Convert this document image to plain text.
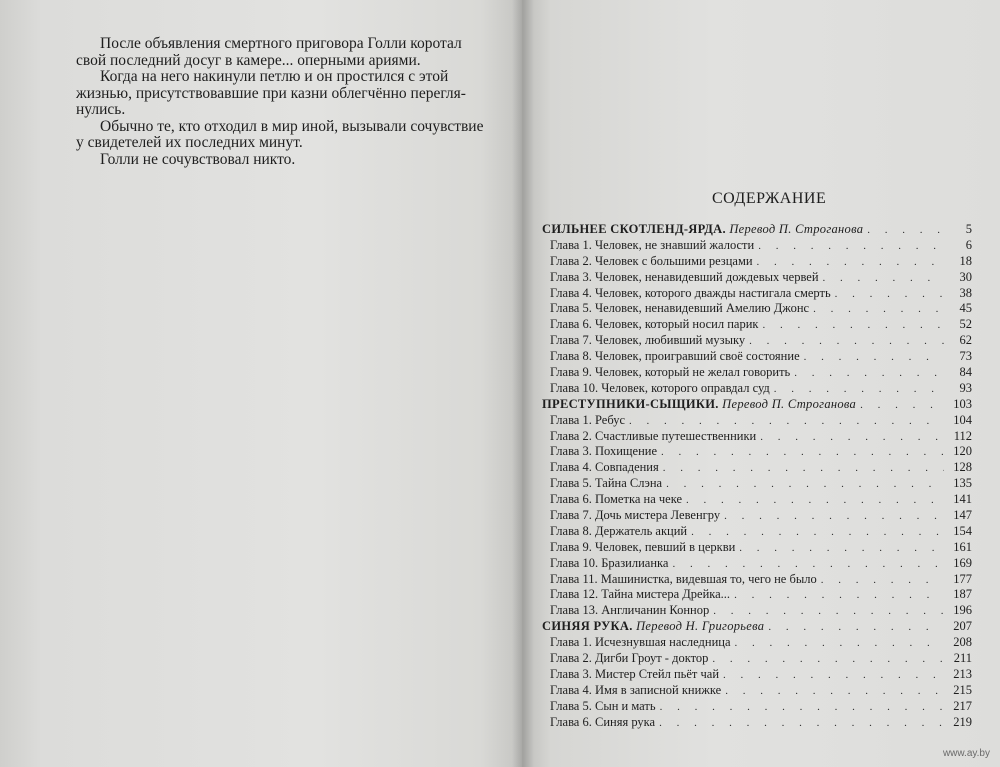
После объявления смертного приговора Голли коротал свой последний досуг в камере... оперными ариями.

Когда на него накинули петлю и он простился с этой жизнью, присутствовавшие при казни облегчённо перегля-нулись.

Обычно те, кто отходил в мир иной, вызывали сочувствие у свидетелей их последних минут.

Голли не сочувствовал никто.

СОДЕРЖАНИЕ
СИЛЬНЕЕ СКОТЛЕНД-ЯРДА. Перевод П. Строганова . . .	5
Глава 1. Человек, не знавший жалости . . .	6
Глава 2. Человек с большими резцами . . .	18
Глава 3. Человек, ненавидевший дождевых червей . . .	30
Глава 4. Человек, которого дважды настигала смерть . . .	38
Глава 5. Человек, ненавидевший Амелию Джонс . . .	45
Глава 6. Человек, который носил парик . . .	52
Глава 7. Человек, любивший музыку . . .	62
Глава 8. Человек, проигравший своё состояние . . .	73
Глава 9. Человек, который не желал говорить . . .	84
Глава 10. Человек, которого оправдал суд . . .	93
ПРЕСТУПНИКИ-СЫЩИКИ. Перевод П. Строганова . . .	103
Глава 1. Ребус . . .	104
Глава 2. Счастливые путешественники . . .	112
Глава 3. Похищение . . .	120
Глава 4. Совпадения . . .	128
Глава 5. Тайна Слэна . . .	135
Глава 6. Пометка на чеке . . .	141
Глава 7. Дочь мистера Левенгру . . .	147
Глава 8. Держатель акций . . .	154
Глава 9. Человек, певший в церкви . . .	161
Глава 10. Бразилианка . . .	169
Глава 11. Машинистка, видевшая то, чего не было . . .	177
Глава 12. Тайна мистера Дрейка... . . .	187
Глава 13. Англичанин Коннор . . .	196
СИНЯЯ РУКА. Перевод Н. Григорьева . . .	207
Глава 1. Исчезнувшая наследница . . .	208
Глава 2. Дигби Гроут - доктор . . .	211
Глава 3. Мистер Стейл пьёт чай . . .	213
Глава 4. Имя в записной книжке . . .	215
Глава 5. Сын и мать . . .	217
Глава 6. Синяя рука . . .	219
www.ay.by
